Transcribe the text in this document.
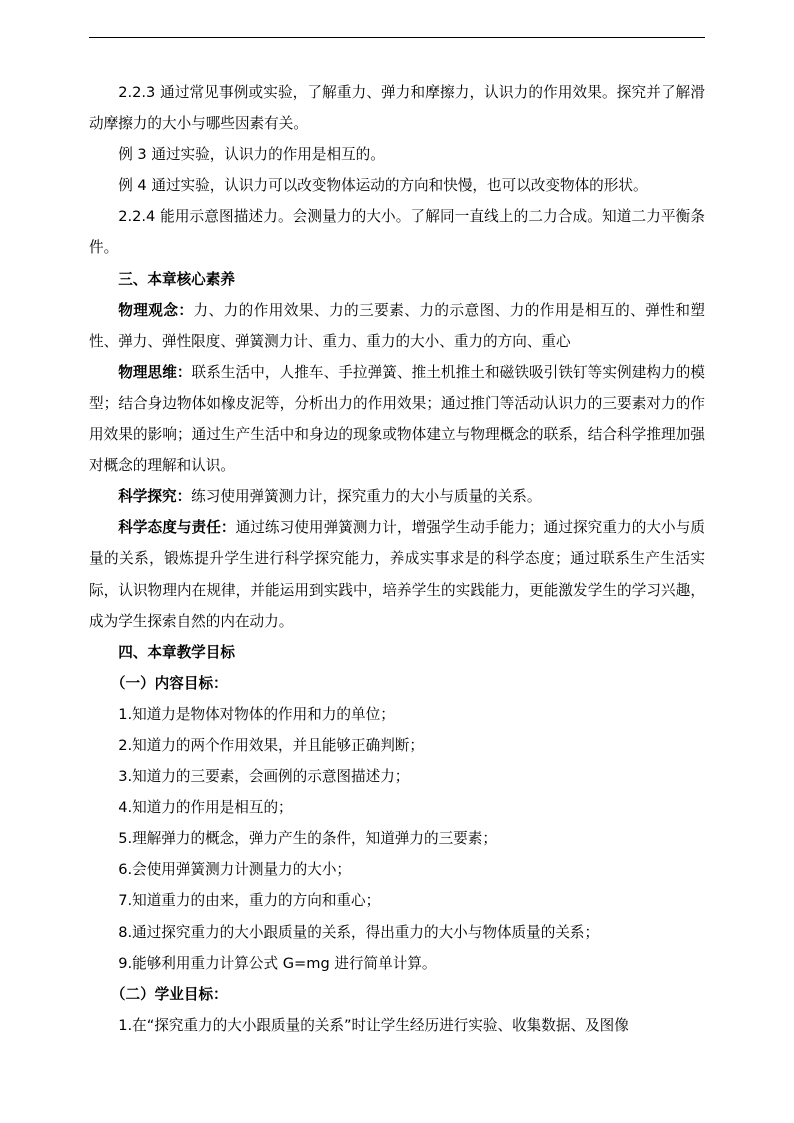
2.2.3 通过常见事例或实验，了解重力、弹力和摩擦力，认识力的作用效果。探究并了解滑动摩擦力的大小与哪些因素有关。

例 3 通过实验，认识力的作用是相互的。

例 4 通过实验，认识力可以改变物体运动的方向和快慢，也可以改变物体的形状。

2.2.4 能用示意图描述力。会测量力的大小。了解同一直线上的二力合成。知道二力平衡条件。

三、本章核心素养

物理观念：力、力的作用效果、力的三要素、力的示意图、力的作用是相互的、弹性和塑性、弹力、弹性限度、弹簧测力计、重力、重力的大小、重力的方向、重心

物理思维：联系生活中，人推车、手拉弹簧、推土机推土和磁铁吸引铁钉等实例建构力的模型；结合身边物体如橡皮泥等，分析出力的作用效果；通过推门等活动认识力的三要素对力的作用效果的影响；通过生产生活中和身边的现象或物体建立与物理概念的联系，结合科学推理加强对概念的理解和认识。

科学探究：练习使用弹簧测力计，探究重力的大小与质量的关系。

科学态度与责任：通过练习使用弹簧测力计，增强学生动手能力；通过探究重力的大小与质量的关系，锻炼提升学生进行科学探究能力，养成实事求是的科学态度；通过联系生产生活实际，认识物理内在规律，并能运用到实践中，培养学生的实践能力，更能激发学生的学习兴趣，成为学生探索自然的内在动力。

四、本章教学目标

（一）内容目标：

1.知道力是物体对物体的作用和力的单位；

2.知道力的两个作用效果，并且能够正确判断；

3.知道力的三要素，会画例的示意图描述力；

4.知道力的作用是相互的；

5.理解弹力的概念，弹力产生的条件，知道弹力的三要素；

6.会使用弹簧测力计测量力的大小；

7.知道重力的由来，重力的方向和重心；

8.通过探究重力的大小跟质量的关系，得出重力的大小与物体质量的关系；

9.能够利用重力计算公式 G=mg 进行简单计算。

（二）学业目标：

1.在“探究重力的大小跟质量的关系”时让学生经历进行实验、收集数据、及图像
